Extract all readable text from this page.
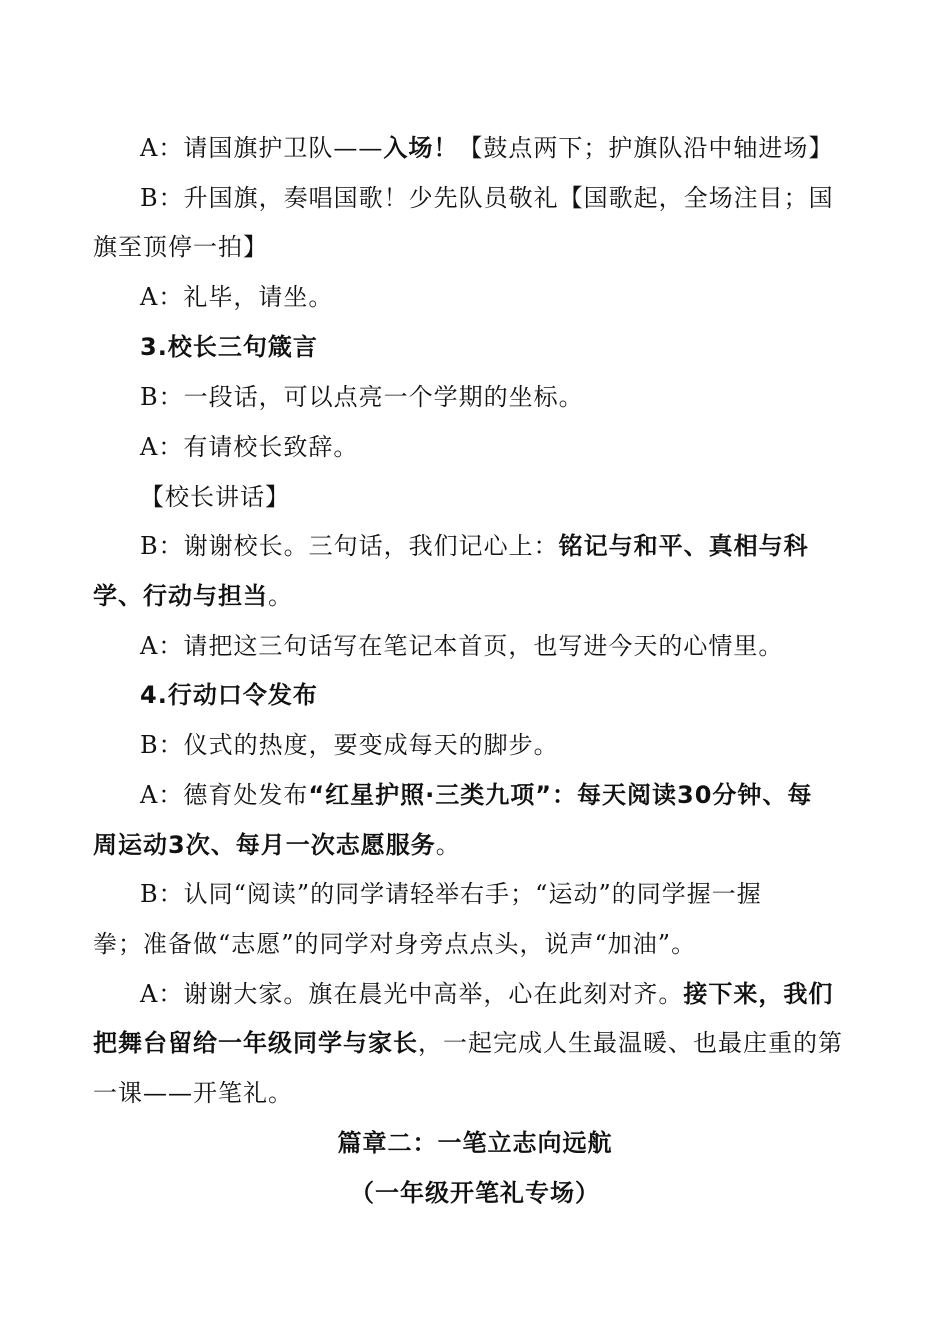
A：请国旗护卫队——入场！【鼓点两下；护旗队沿中轴进场】
B：升国旗，奏唱国歌！少先队员敬礼【国歌起，全场注目；国
旗至顶停一拍】
A：礼毕，请坐。
3.校长三句箴言
B：一段话，可以点亮一个学期的坐标。
A：有请校长致辞。
【校长讲话】
B：谢谢校长。三句话，我们记心上：铭记与和平、真相与科
学、行动与担当。
A：请把这三句话写在笔记本首页，也写进今天的心情里。
4.行动口令发布
B：仪式的热度，要变成每天的脚步。
A：德育处发布“红星护照·三类九项”：每天阅读30分钟、每
周运动3次、每月一次志愿服务。
B：认同“阅读”的同学请轻举右手；“运动”的同学握一握
拳；准备做“志愿”的同学对身旁点点头，说声“加油”。
A：谢谢大家。旗在晨光中高举，心在此刻对齐。接下来，我们
把舞台留给一年级同学与家长，一起完成人生最温暖、也最庄重的第
一课——开笔礼。
篇章二：一笔立志向远航
（一年级开笔礼专场）
